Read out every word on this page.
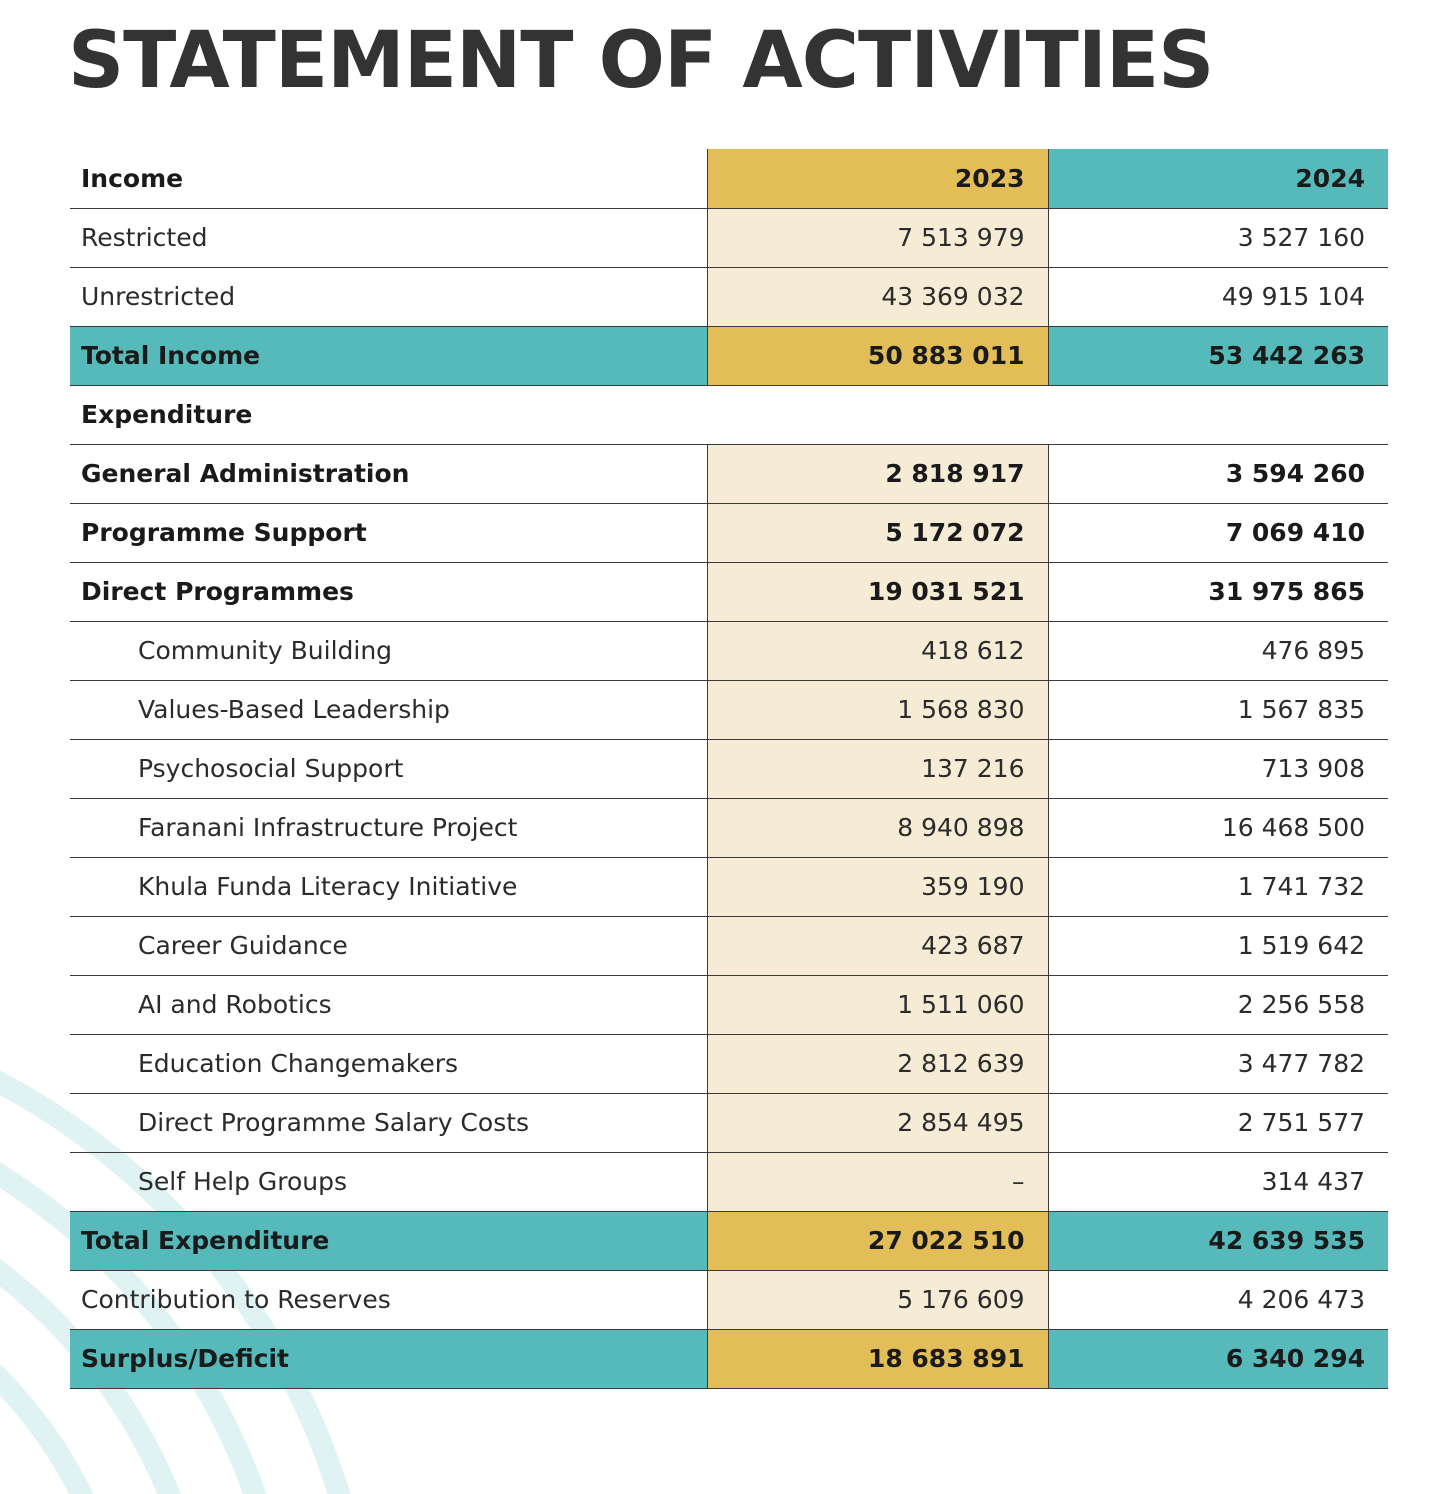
STATEMENT OF ACTIVITIES
Income	2023	2024
Restricted	7 513 979	3 527 160
Unrestricted	43 369 032	49 915 104
Total Income	50 883 011	53 442 263
Expenditure		
General Administration	2 818 917	3 594 260
Programme Support	5 172 072	7 069 410
Direct Programmes	19 031 521	31 975 865
Community Building	418 612	476 895
Values-Based Leadership	1 568 830	1 567 835
Psychosocial Support	137 216	713 908
Faranani Infrastructure Project	8 940 898	16 468 500
Khula Funda Literacy Initiative	359 190	1 741 732
Career Guidance	423 687	1 519 642
AI and Robotics	1 511 060	2 256 558
Education Changemakers	2 812 639	3 477 782
Direct Programme Salary Costs	2 854 495	2 751 577
Self Help Groups	–	314 437
Total Expenditure	27 022 510	42 639 535
Contribution to Reserves	5 176 609	4 206 473
Surplus/Deficit	18 683 891	6 340 294
